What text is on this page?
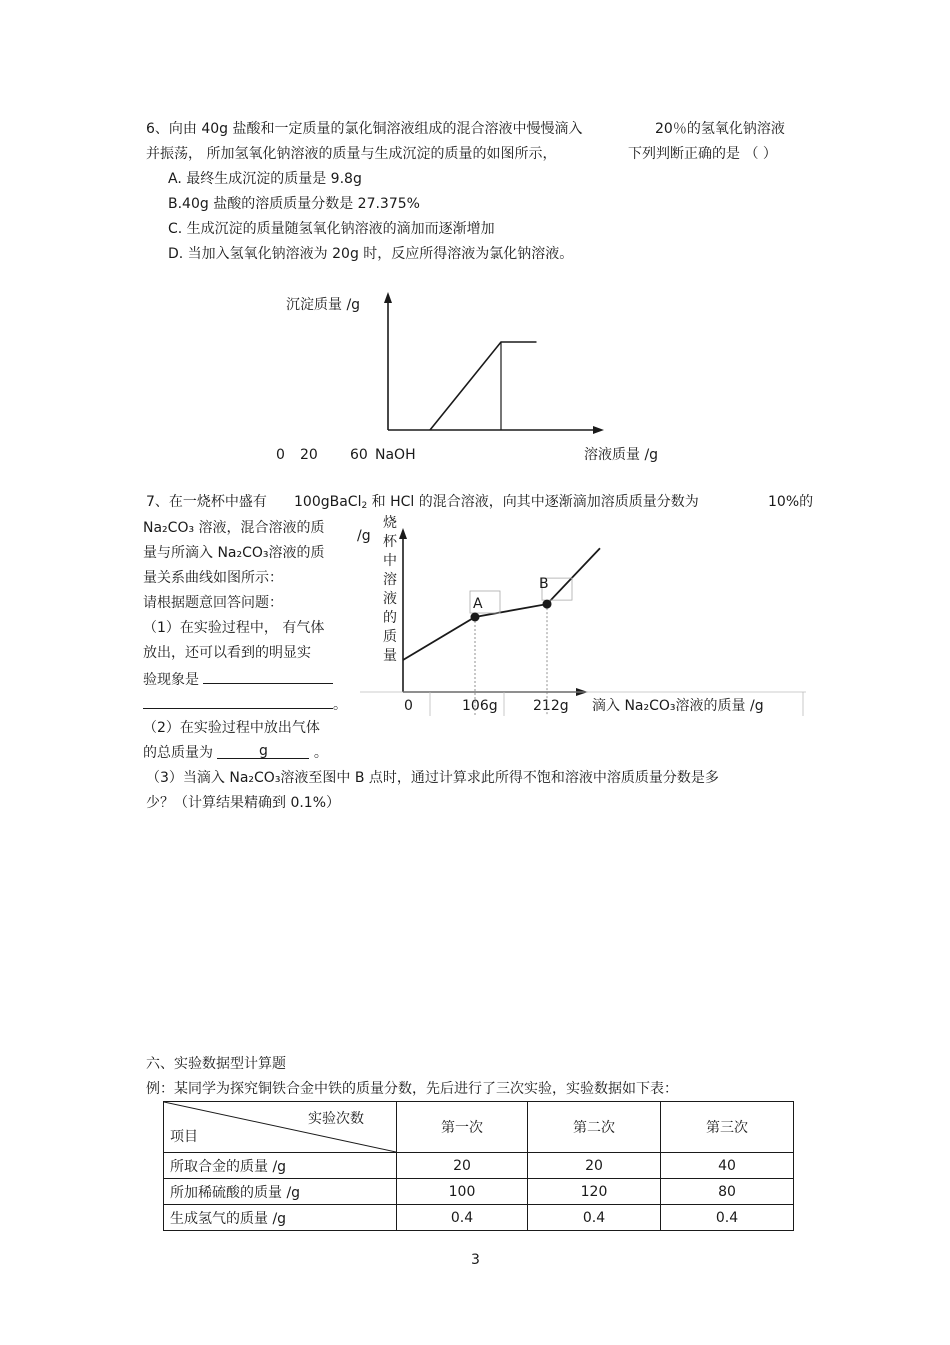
6、向由 40g 盐酸和一定质量的氯化铜溶液组成的混合溶液中慢慢滴入	20％的氢氧化钠溶液
并振荡， 所加氢氧化钠溶液的质量与生成沉淀的质量的如图所示，	下列判断正确的是 （ ）
A. 最终生成沉淀的质量是 9.8g
B.40g 盐酸的溶质质量分数是 27.375%
C. 生成沉淀的质量随氢氧化钠溶液的滴加而逐渐增加
D. 当加入氢氧化钠溶液为 20g 时，反应所得溶液为氯化钠溶液。
沉淀质量 /g
溶液质量 /g
0 20 60 NaOH
7、在一烧杯中盛有 100gBaCl$_2$ 和 HCl 的混合溶液，向其中逐渐滴加溶质质量分数为	10%的
Na₂CO₃ 溶液，混合溶液的质
量与所滴入 Na₂CO₃溶液的质
量关系曲线如图所示：
请根据题意回答问题：
（1）在实验过程中， 有气体
放出，还可以看到的明显实
验现象是
。
（2）在实验过程中放出气体
的总质量为	g	。
（3）当滴入 Na₂CO₃溶液至图中 B 点时，通过计算求此所得不饱和溶液中溶质质量分数是多
少？（计算结果精确到 0.1%）
/g
烧
杯
中
溶
液
的
质
量
0	106g	212g 滴入 Na₂CO₃溶液的质量 /g
A
B
六、实验数据型计算题
例：某同学为探究铜铁合金中铁的质量分数，先后进行了三次实验，实验数据如下表：
实验次数
项目	第一次	第二次	第三次
所取合金的质量 /g	20	20	40
所加稀硫酸的质量 /g	100	120	80
生成氢气的质量 /g	0.4	0.4	0.4
3
